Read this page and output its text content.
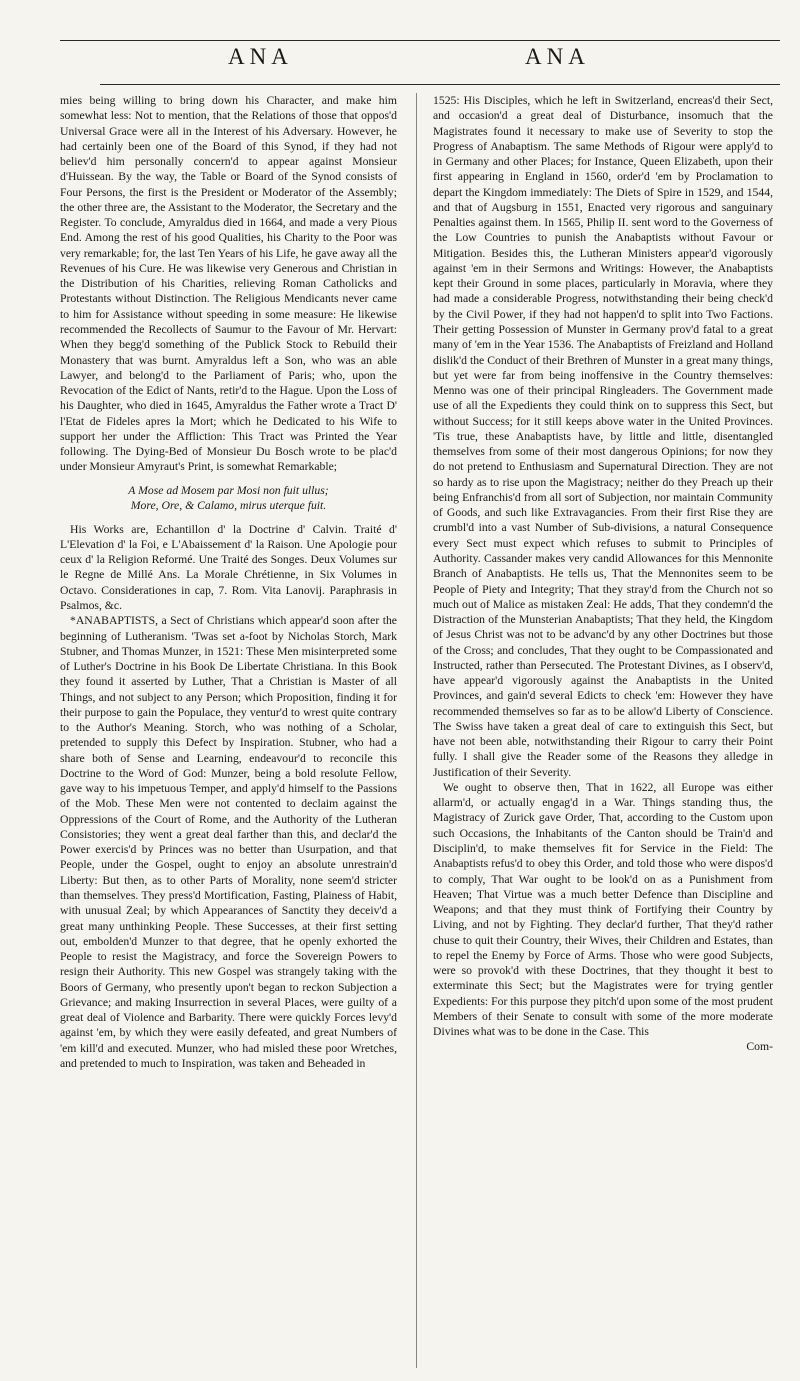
ANA	ANA

mies being willing to bring down his Character, and make him somewhat less: Not to mention, that the Relations of those that oppos'd Universal Grace were all in the Interest of his Adversary. However, he had certainly been one of the Board of this Synod, if they had not believ'd him personally concern'd to appear against Monsieur d'Huissean. By the way, the Table or Board of the Synod consists of Four Persons, the first is the President or Moderator of the Assembly; the other three are, the Assistant to the Moderator, the Secretary and the Register. To conclude, Amyraldus died in 1664, and made a very Pious End. Among the rest of his good Qualities, his Charity to the Poor was very remarkable; for, the last Ten Years of his Life, he gave away all the Revenues of his Cure. He was likewise very Generous and Christian in the Distribution of his Charities, relieving Roman Catholicks and Protestants without Distinction. The Religious Mendicants never came to him for Assistance without speeding in some measure: He likewise recommended the Recollects of Saumur to the Favour of Mr. Hervart: When they begg'd something of the Publick Stock to Rebuild their Monastery that was burnt. Amyraldus left a Son, who was an able Lawyer, and belong'd to the Parliament of Paris; who, upon the Revocation of the Edict of Nants, retir'd to the Hague. Upon the Loss of his Daughter, who died in 1645, Amyraldus the Father wrote a Tract D' l'Etat de Fideles apres la Mort; which he Dedicated to his Wife to support her under the Affliction: This Tract was Printed the Year following. The Dying-Bed of Monsieur Du Bosch wrote to be plac'd under Monsieur Amyraut's Print, is somewhat Remarkable;

A Mose ad Mosem par Mosi non fuit ullus;
More, Ore, & Calamo, mirus uterque fuit.

His Works are, Echantillon d' la Doctrine d' Calvin. Traité d' L'Elevation d' la Foi, e L'Abaissement d' la Raison. Une Apologie pour ceux d' la Religion Reformé. Une Traité des Songes. Deux Volumes sur le Regne de Millé Ans. La Morale Chrétienne, in Six Volumes in Octavo. Considerationes in cap, 7. Rom. Vita Lanovij. Paraphrasis in Psalmos, &c.

*ANABAPTISTS, a Sect of Christians which appear'd soon after the beginning of Lutheranism. 'Twas set a-foot by Nicholas Storch, Mark Stubner, and Thomas Munzer, in 1521: These Men misinterpreted some of Luther's Doctrine in his Book De Libertate Christiana. In this Book they found it asserted by Luther, That a Christian is Master of all Things, and not subject to any Person; which Proposition, finding it for their purpose to gain the Populace, they ventur'd to wrest quite contrary to the Author's Meaning. Storch, who was nothing of a Scholar, pretended to supply this Defect by Inspiration. Stubner, who had a share both of Sense and Learning, endeavour'd to reconcile this Doctrine to the Word of God: Munzer, being a bold resolute Fellow, gave way to his impetuous Temper, and apply'd himself to the Passions of the Mob. These Men were not contented to declaim against the Oppressions of the Court of Rome, and the Authority of the Lutheran Consistories; they went a great deal farther than this, and declar'd the Power exercis'd by Princes was no better than Usurpation, and that People, under the Gospel, ought to enjoy an absolute unrestrain'd Liberty: But then, as to other Parts of Morality, none seem'd stricter than themselves. They press'd Mortification, Fasting, Plainess of Habit, with unusual Zeal; by which Appearances of Sanctity they deceiv'd a great many unthinking People. These Successes, at their first setting out, embolden'd Munzer to that degree, that he openly exhorted the People to resist the Magistracy, and force the Sovereign Powers to resign their Authority. This new Gospel was strangely taking with the Boors of Germany, who presently upon't began to reckon Subjection a Grievance; and making Insurrection in several Places, were guilty of a great deal of Violence and Barbarity. There were quickly Forces levy'd against 'em, by which they were easily defeated, and great Numbers of 'em kill'd and executed. Munzer, who had misled these poor Wretches, and pretended to much to Inspiration, was taken and Beheaded in

1525: His Disciples, which he left in Switzerland, encreas'd their Sect, and occasion'd a great deal of Disturbance, insomuch that the Magistrates found it necessary to make use of Severity to stop the Progress of Anabaptism. The same Methods of Rigour were apply'd to in Germany and other Places; for Instance, Queen Elizabeth, upon their first appearing in England in 1560, order'd 'em by Proclamation to depart the Kingdom immediately: The Diets of Spire in 1529, and 1544, and that of Augsburg in 1551, Enacted very rigorous and sanguinary Penalties against them. In 1565, Philip II. sent word to the Governess of the Low Countries to punish the Anabaptists without Favour or Mitigation. Besides this, the Lutheran Ministers appear'd vigorously against 'em in their Sermons and Writings: However, the Anabaptists kept their Ground in some places, particularly in Moravia, where they had made a considerable Progress, notwithstanding their being check'd by the Civil Power, if they had not happen'd to split into Two Factions. Their getting Possession of Munster in Germany prov'd fatal to a great many of 'em in the Year 1536. The Anabaptists of Freizland and Holland dislik'd the Conduct of their Brethren of Munster in a great many things, but yet were far from being inoffensive in the Country themselves: Menno was one of their principal Ringleaders. The Government made use of all the Expedients they could think on to suppress this Sect, but without Success; for it still keeps above water in the United Provinces. 'Tis true, these Anabaptists have, by little and little, disentangled themselves from some of their most dangerous Opinions; for now they do not pretend to Enthusiasm and Supernatural Direction. They are not so hardy as to rise upon the Magistracy; neither do they Preach up their being Enfranchis'd from all sort of Subjection, nor maintain Community of Goods, and such like Extravagancies. From their first Rise they are crumbl'd into a vast Number of Sub-divisions, a natural Consequence every Sect must expect which refuses to submit to Principles of Authority. Cassander makes very candid Allowances for this Mennonite Branch of Anabaptists. He tells us, That the Mennonites seem to be People of Piety and Integrity; That they stray'd from the Church not so much out of Malice as mistaken Zeal: He adds, That they condemn'd the Distraction of the Munsterian Anabaptists; That they held, the Kingdom of Jesus Christ was not to be advanc'd by any other Doctrines but those of the Cross; and concludes, That they ought to be Compassionated and Instructed, rather than Persecuted. The Protestant Divines, as I observ'd, have appear'd vigorously against the Anabaptists in the United Provinces, and gain'd several Edicts to check 'em: However they have recommended themselves so far as to be allow'd Liberty of Conscience. The Swiss have taken a great deal of care to extinguish this Sect, but have not been able, notwithstanding their Rigour to carry their Point fully. I shall give the Reader some of the Reasons they alledge in Justification of their Severity.

We ought to observe then, That in 1622, all Europe was either allarm'd, or actually engag'd in a War. Things standing thus, the Magistracy of Zurick gave Order, That, according to the Custom upon such Occasions, the Inhabitants of the Canton should be Train'd and Disciplin'd, to make themselves fit for Service in the Field: The Anabaptists refus'd to obey this Order, and told those who were dispos'd to comply, That War ought to be look'd on as a Punishment from Heaven; That Virtue was a much better Defence than Discipline and Weapons; and that they must think of Fortifying their Country by Living, and not by Fighting. They declar'd further, That they'd rather chuse to quit their Country, their Wives, their Children and Estates, than to repel the Enemy by Force of Arms. Those who were good Subjects, were so provok'd with these Doctrines, that they thought it best to exterminate this Sect; but the Magistrates were for trying gentler Expedients: For this purpose they pitch'd upon some of the most prudent Members of their Senate to consult with some of the more moderate Divines what was to be done in the Case. This

Com-
